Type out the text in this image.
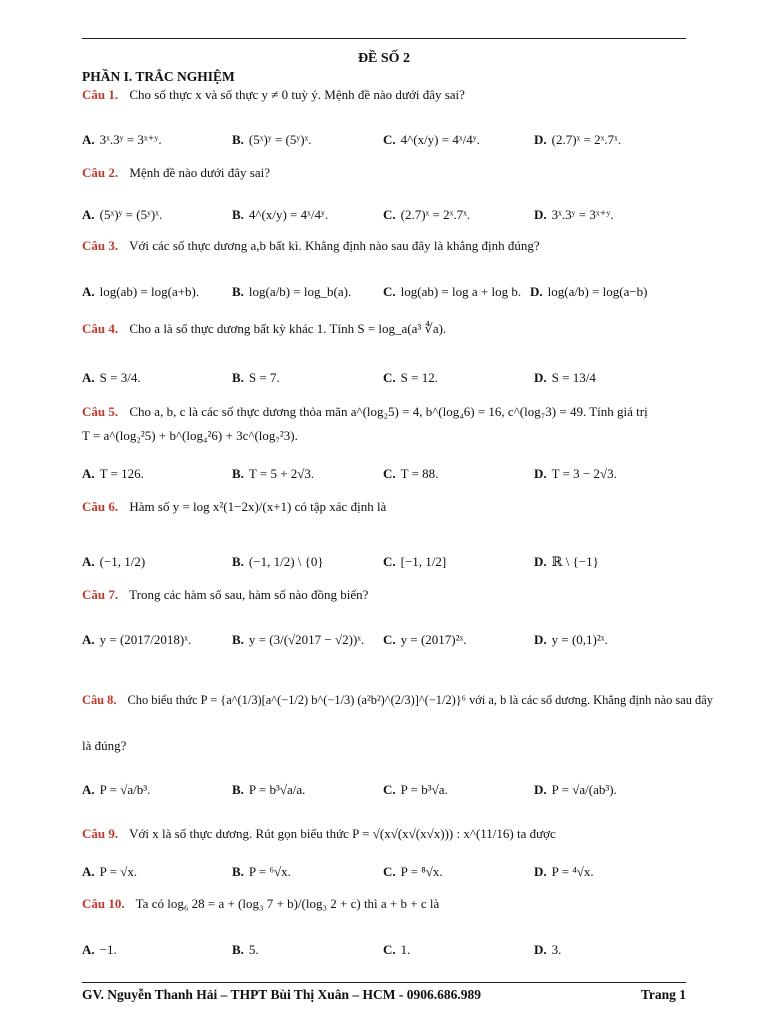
ĐỀ SỐ 2
PHẦN I. TRẮC NGHIỆM
Câu 1. Cho số thực x và số thực y ≠ 0 tuỳ ý. Mệnh đề nào dưới đây sai?
A. 3ˣ.3ʸ = 3ˣ⁺ʸ.	B. (5ˣ)ʸ = (5ʸ)ˣ.	C. 4^(x/y) = 4ˣ/4ʸ.	D. (2.7)ˣ = 2ˣ.7ˣ.
Câu 2. Mệnh đề nào dưới đây sai?
A. (5ˣ)ʸ = (5ʸ)ˣ.	B. 4^(x/y) = 4ˣ/4ʸ.	C. (2.7)ˣ = 2ˣ.7ˣ.	D. 3ˣ.3ʸ = 3ˣ⁺ʸ.
Câu 3. Với các số thực dương a,b bất kì. Khẳng định nào sau đây là khẳng định đúng?
A. log(ab) = log(a+b).	B. log(a/b) = log_b(a). C. log(ab) = log a + log b. D. log(a/b) = log(a−b)
Câu 4. Cho a là số thực dương bất kỳ khác 1. Tính S = log_a(a³ ∜a).
A. S = 3/4.	B. S = 7.	C. S = 12.	D. S = 13/4
Câu 5. Cho a, b, c là các số thực dương thỏa mãn a^(log₂5) = 4, b^(log₄6) = 16, c^(log₇3) = 49. Tính giá trị
T = a^(log₂²5) + b^(log₄²6) + 3c^(log₇²3).
A. T = 126.	B. T = 5 + 2√3.	C. T = 88.	D. T = 3 − 2√3.
Câu 6. Hàm số y = log x²(1−2x)/(x+1) có tập xác định là
A. (−1, 1/2)	B. (−1, 1/2) \ {0}	C. [−1, 1/2]	D. ℝ \ {−1}
Câu 7. Trong các hàm số sau, hàm số nào đồng biến?
A. y = (2017/2018)ˣ.	B. y = (3/(√2017 − √2))ˣ. C. y = (2017)²ˣ.	D. y = (0,1)²ˣ.
Câu 8. Cho biểu thức P = {a^(1/3)[a^(−1/2) b^(−1/3) (a²b²)^(2/3)]^(−1/2)}⁶ với a, b là các số dương. Khẳng định nào sau đây
là đúng?
A. P = √a/b³.	B. P = b³√a/a.	C. P = b³√a.	D. P = √a/(ab³).
Câu 9. Với x là số thực dương. Rút gọn biểu thức P = √(x√(x√(x√x))) : x^(11/16) ta được
A. P = √x.	B. P = ⁶√x.	C. P = ⁸√x.	D. P = ⁴√x.
Câu 10. Ta có log₆ 28 = a + (log₃ 7 + b)/(log₃ 2 + c) thì a + b + c là
A. −1.	B. 5.	C. 1.	D. 3.
GV. Nguyễn Thanh Hải – THPT Bùi Thị Xuân – HCM - 0906.686.989	Trang 1
